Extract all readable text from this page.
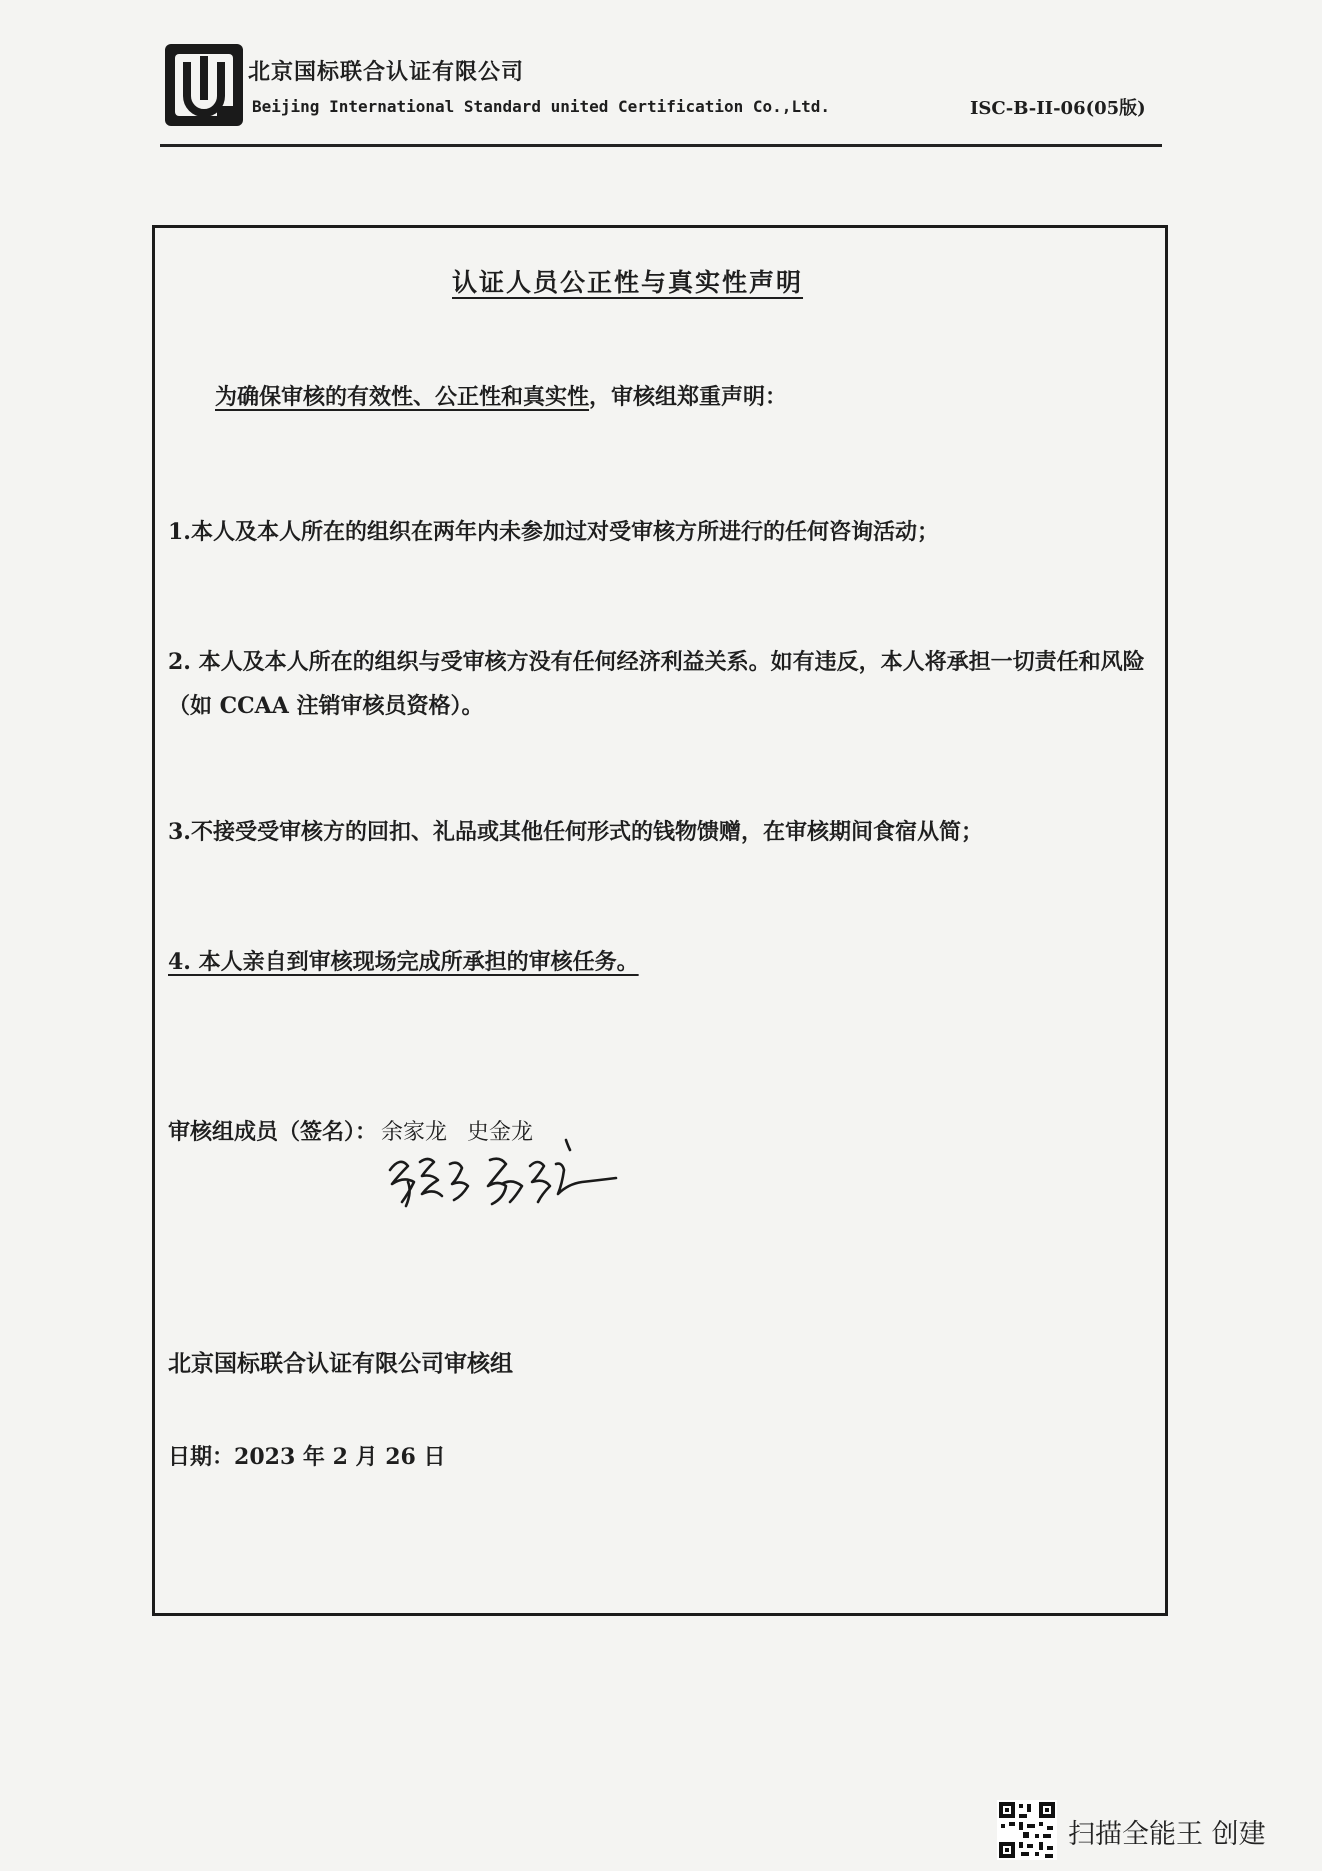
北京国标联合认证有限公司
Beijing International Standard united Certification Co.,Ltd.	ISC-B-II-06(05版)
认证人员公正性与真实性声明
为确保审核的有效性、公正性和真实性，审核组郑重声明：
1.本人及本人所在的组织在两年内未参加过对受审核方所进行的任何咨询活动；
2. 本人及本人所在的组织与受审核方没有任何经济利益关系。如有违反，本人将承担一切责任和风险（如 CCAA 注销审核员资格）。
3.不接受受审核方的回扣、礼品或其他任何形式的钱物馈赠，在审核期间食宿从简；
4. 本人亲自到审核现场完成所承担的审核任务。
审核组成员（签名）： 余家龙 史金龙
北京国标联合认证有限公司审核组
日期：2023 年 2 月 26 日
扫描全能王 创建
